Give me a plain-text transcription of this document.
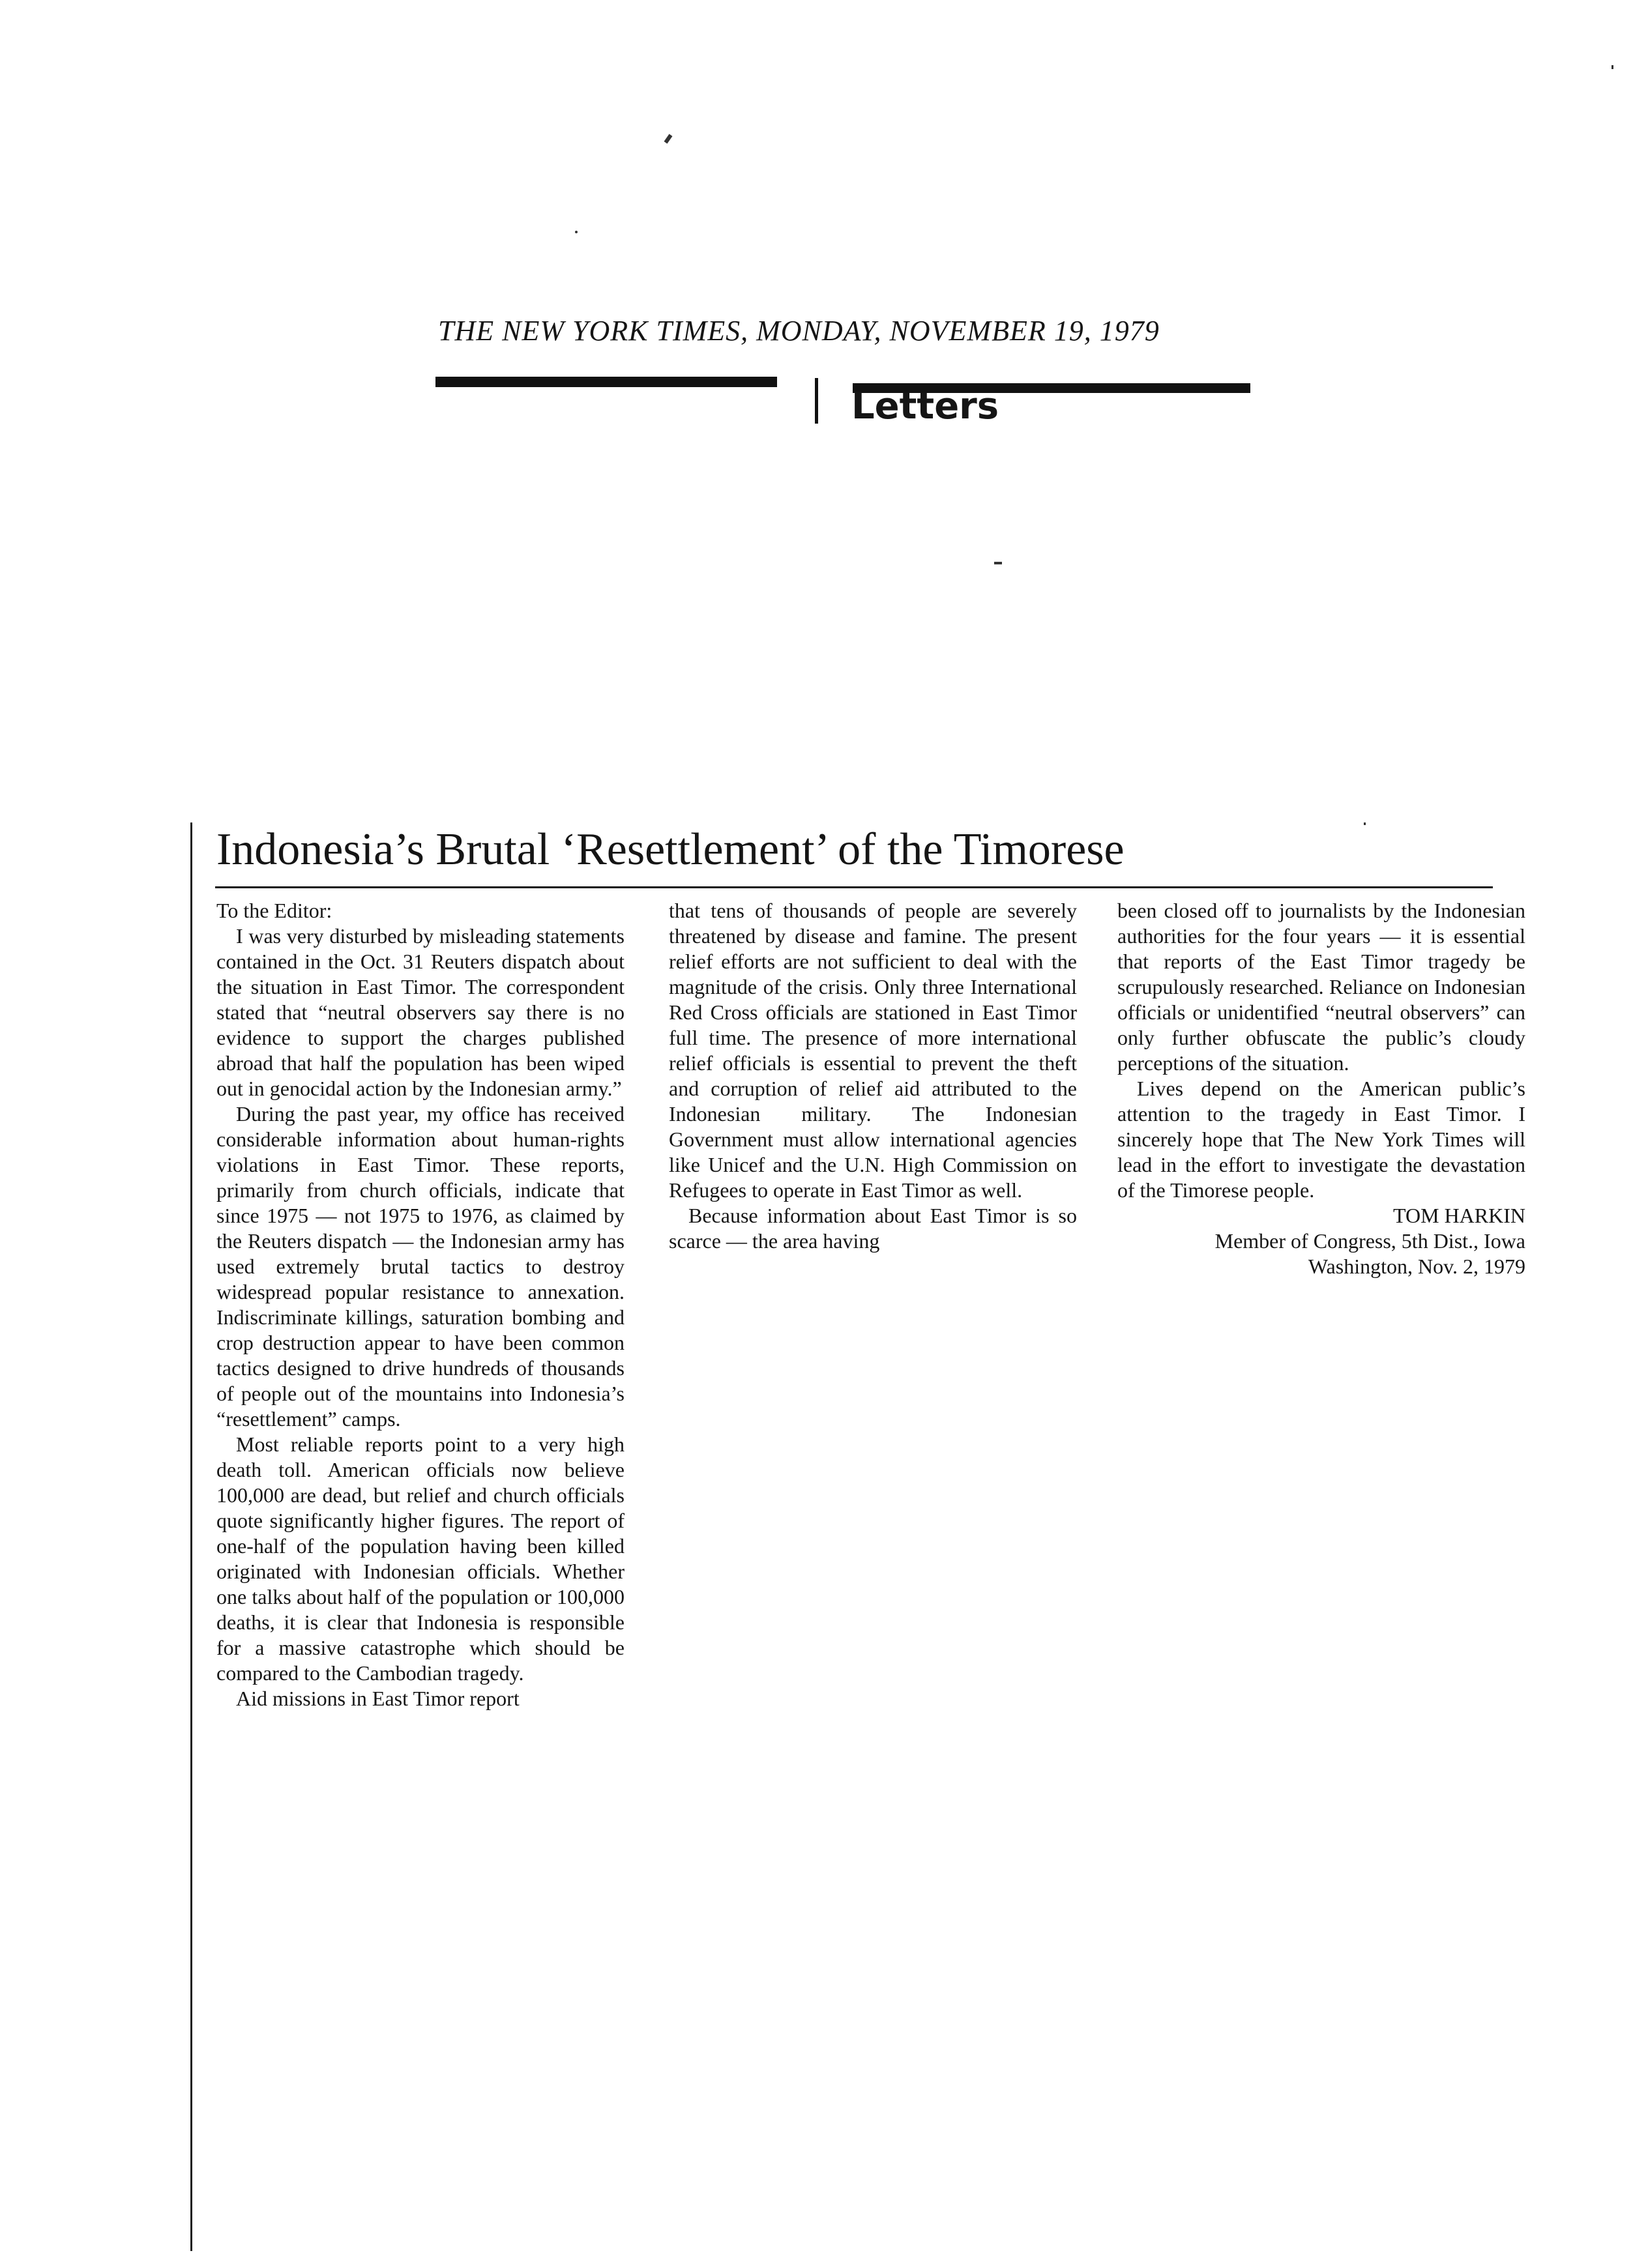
THE NEW YORK TIMES, MONDAY, NOVEMBER 19, 1979
Letters
Indonesia’s Brutal ‘Resettlement’ of the Timorese
To the Editor:

I was very disturbed by misleading statements contained in the Oct. 31 Reuters dispatch about the situation in East Timor. The correspondent stated that “neutral observers say there is no evidence to support the charges published abroad that half the population has been wiped out in genocidal action by the Indonesian army.”

During the past year, my office has received considerable information about human-rights violations in East Timor. These reports, primarily from church officials, indicate that since 1975 — not 1975 to 1976, as claimed by the Reuters dispatch — the Indonesian army has used extremely brutal tactics to destroy widespread popular resistance to annexation. Indiscriminate killings, saturation bombing and crop destruction appear to have been common tactics designed to drive hundreds of thousands of people out of the mountains into Indonesia’s “resettlement” camps.

Most reliable reports point to a very high death toll. American officials now believe 100,000 are dead, but relief and church officials quote significantly higher figures. The report of one-half of the population having been killed originated with Indonesian officials. Whether one talks about half of the population or 100,000 deaths, it is clear that Indonesia is responsible for a massive catastrophe which should be compared to the Cambodian tragedy.

Aid missions in East Timor report

that tens of thousands of people are severely threatened by disease and famine. The present relief efforts are not sufficient to deal with the magnitude of the crisis. Only three International Red Cross officials are stationed in East Timor full time. The presence of more international relief officials is essential to prevent the theft and corruption of relief aid attributed to the Indonesian military. The Indonesian Government must allow international agencies like Unicef and the U.N. High Commission on Refugees to operate in East Timor as well.

Because information about East Timor is so scarce — the area having

been closed off to journalists by the Indonesian authorities for the four years — it is essential that reports of the East Timor tragedy be scrupulously researched. Reliance on Indonesian officials or unidentified “neutral observers” can only further obfuscate the public’s cloudy perceptions of the situation.

Lives depend on the American public’s attention to the tragedy in East Timor. I sincerely hope that The New York Times will lead in the effort to investigate the devastation of the Timorese people.

TOM HARKIN
Member of Congress, 5th Dist., Iowa
Washington, Nov. 2, 1979
